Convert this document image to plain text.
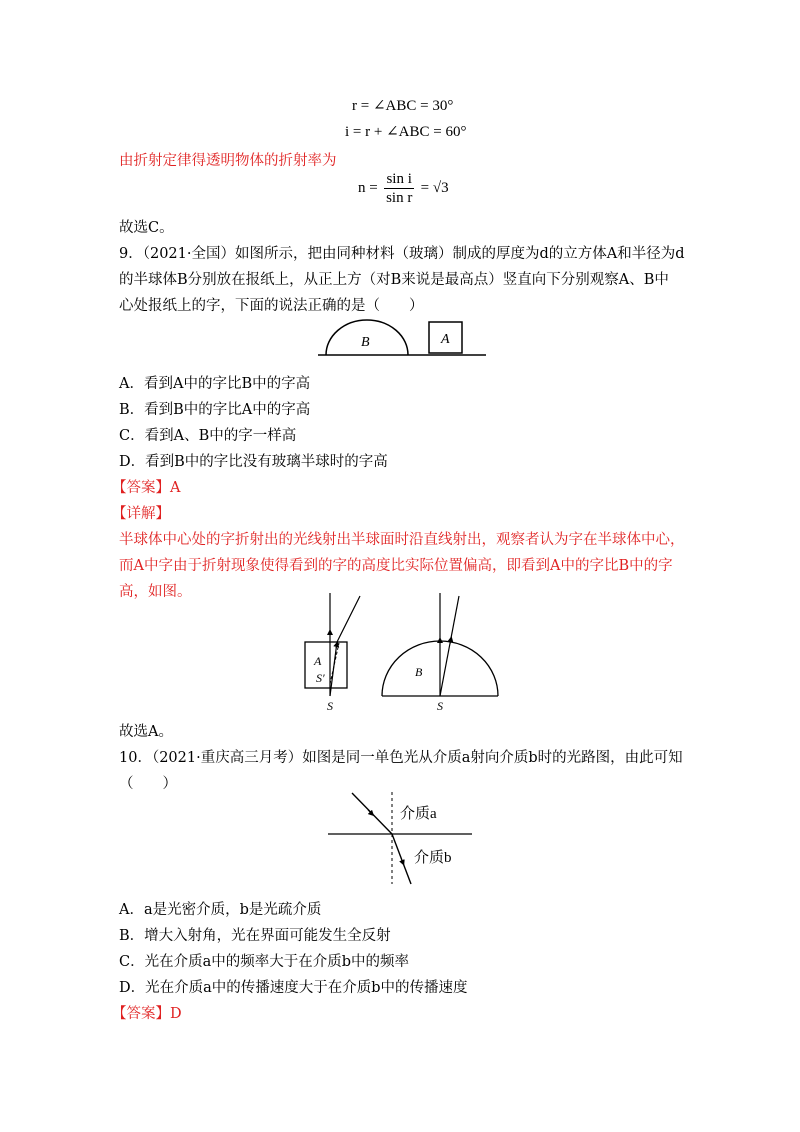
r = ∠ABC = 30°
i = r + ∠ABC = 60°
由折射定律得透明物体的折射率为
$n = \frac{\text{sin i}}{\text{sin r}} = √3$
故选C。
9．（2021·全国）如图所示，把由同种材料（玻璃）制成的厚度为d的立方体A和半径为d
的半球体B分别放在报纸上，从正上方（对B来说是最高点）竖直向下分别观察A、B中
心处报纸上的字，下面的说法正确的是（　　）
B	A
A．看到A中的字比B中的字高
B．看到B中的字比A中的字高
C．看到A、B中的字一样高
D．看到B中的字比没有玻璃半球时的字高
【答案】A
【详解】
半球体中心处的字折射出的光线射出半球面时沿直线射出，观察者认为字在半球体中心，
而A中字由于折射现象使得看到的字的高度比实际位置偏高，即看到A中的字比B中的字
高，如图。
A
S′
S
B
S
故选A。
10．（2021·重庆高三月考）如图是同一单色光从介质a射向介质b时的光路图，由此可知
（　　）
介质a
介质b
A．a是光密介质，b是光疏介质
B．增大入射角，光在界面可能发生全反射
C．光在介质a中的频率大于在介质b中的频率
D．光在介质a中的传播速度大于在介质b中的传播速度
【答案】D
